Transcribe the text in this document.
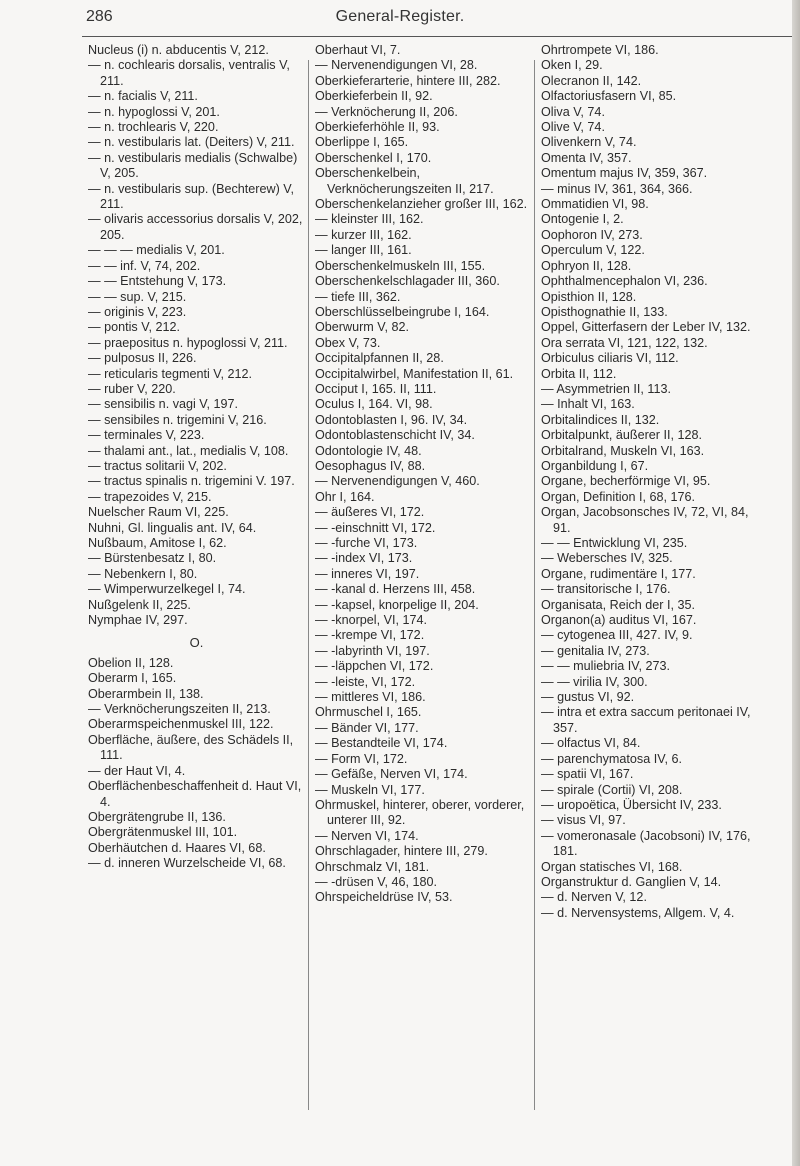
286	General-Register.

Nucleus (i) n. abducentis V, 212.

— n. cochlearis dorsalis, ventralis V, 211.

— n. facialis V, 211.

— n. hypoglossi V, 201.

— n. trochlearis V, 220.

— n. vestibularis lat. (Deiters) V, 211.

— n. vestibularis medialis (Schwalbe) V, 205.

— n. vestibularis sup. (Bechterew) V, 211.

— olivaris accessorius dorsalis V, 202, 205.

— — — medialis V, 201.

— — inf. V, 74, 202.

— — Entstehung V, 173.

— — sup. V, 215.

— originis V, 223.

— pontis V, 212.

— praepositus n. hypoglossi V, 211.

— pulposus II, 226.

— reticularis tegmenti V, 212.

— ruber V, 220.

— sensibilis n. vagi V, 197.

— sensibiles n. trigemini V, 216.

— terminales V, 223.

— thalami ant., lat., medialis V, 108.

— tractus solitarii V, 202.

— tractus spinalis n. trigemini V. 197.

— trapezoides V, 215.

Nuelscher Raum VI, 225.

Nuhni, Gl. lingualis ant. IV, 64.

Nußbaum, Amitose I, 62.

— Bürstenbesatz I, 80.

— Nebenkern I, 80.

— Wimperwurzelkegel I, 74.

Nußgelenk II, 225.

Nymphae IV, 297.

O.

Obelion II, 128.

Oberarm I, 165.

Oberarmbein II, 138.

— Verknöcherungszeiten II, 213.

Oberarmspeichenmuskel III, 122.

Oberfläche, äußere, des Schädels II, 111.

— der Haut VI, 4.

Oberflächenbeschaffenheit d. Haut VI, 4.

Obergrätengrube II, 136.

Obergrätenmuskel III, 101.

Oberhäutchen d. Haares VI, 68.

— d. inneren Wurzelscheide VI, 68.

Oberhaut VI, 7.

— Nervenendigungen VI, 28.

Oberkieferarterie, hintere III, 282.

Oberkieferbein II, 92.

— Verknöcherung II, 206.

Oberkieferhöhle II, 93.

Oberlippe I, 165.

Oberschenkel I, 170.

Oberschenkelbein, Verknöcherungszeiten II, 217.

Oberschenkelanzieher großer III, 162.

— kleinster III, 162.

— kurzer III, 162.

— langer III, 161.

Oberschenkelmuskeln III, 155.

Oberschenkelschlagader III, 360.

— tiefe III, 362.

Oberschlüsselbeingrube I, 164.

Oberwurm V, 82.

Obex V, 73.

Occipitalpfannen II, 28.

Occipitalwirbel, Manifestation II, 61.

Occiput I, 165. II, 111.

Oculus I, 164. VI, 98.

Odontoblasten I, 96. IV, 34.

Odontoblastenschicht IV, 34.

Odontologie IV, 48.

Oesophagus IV, 88.

— Nervenendigungen V, 460.

Ohr I, 164.

— äußeres VI, 172.

— -einschnitt VI, 172.

— -furche VI, 173.

— -index VI, 173.

— inneres VI, 197.

— -kanal d. Herzens III, 458.

— -kapsel, knorpelige II, 204.

— -knorpel, VI, 174.

— -krempe VI, 172.

— -labyrinth VI, 197.

— -läppchen VI, 172.

— -leiste, VI, 172.

— mittleres VI, 186.

Ohrmuschel I, 165.

— Bänder VI, 177.

— Bestandteile VI, 174.

— Form VI, 172.

— Gefäße, Nerven VI, 174.

— Muskeln VI, 177.

Ohrmuskel, hinterer, oberer, vorderer, unterer III, 92.

— Nerven VI, 174.

Ohrschlagader, hintere III, 279.

Ohrschmalz VI, 181.

— -drüsen V, 46, 180.

Ohrspeicheldrüse IV, 53.

Ohrtrompete VI, 186.

Oken I, 29.

Olecranon II, 142.

Olfactoriusfasern VI, 85.

Oliva V, 74.

Olive V, 74.

Olivenkern V, 74.

Omenta IV, 357.

Omentum majus IV, 359, 367.

— minus IV, 361, 364, 366.

Ommatidien VI, 98.

Ontogenie I, 2.

Oophoron IV, 273.

Operculum V, 122.

Ophryon II, 128.

Ophthalmencephalon VI, 236.

Opisthion II, 128.

Opisthognathie II, 133.

Oppel, Gitterfasern der Leber IV, 132.

Ora serrata VI, 121, 122, 132.

Orbiculus ciliaris VI, 112.

Orbita II, 112.

— Asymmetrien II, 113.

— Inhalt VI, 163.

Orbitalindices II, 132.

Orbitalpunkt, äußerer II, 128.

Orbitalrand, Muskeln VI, 163.

Organbildung I, 67.

Organe, becherförmige VI, 95.

Organ, Definition I, 68, 176.

Organ, Jacobsonsches IV, 72, VI, 84, 91.

— — Entwicklung VI, 235.

— Webersches IV, 325.

Organe, rudimentäre I, 177.

— transitorische I, 176.

Organisata, Reich der I, 35.

Organon(a) auditus VI, 167.

— cytogenea III, 427. IV, 9.

— genitalia IV, 273.

— — muliebria IV, 273.

— — virilia IV, 300.

— gustus VI, 92.

— intra et extra saccum peritonaei IV, 357.

— olfactus VI, 84.

— parenchymatosa IV, 6.

— spatii VI, 167.

— spirale (Cortii) VI, 208.

— uropoëtica, Übersicht IV, 233.

— visus VI, 97.

— vomeronasale (Jacobsoni) IV, 176, 181.

Organ statisches VI, 168.

Organstruktur d. Ganglien V, 14.

— d. Nerven V, 12.

— d. Nervensystems, Allgem. V, 4.
